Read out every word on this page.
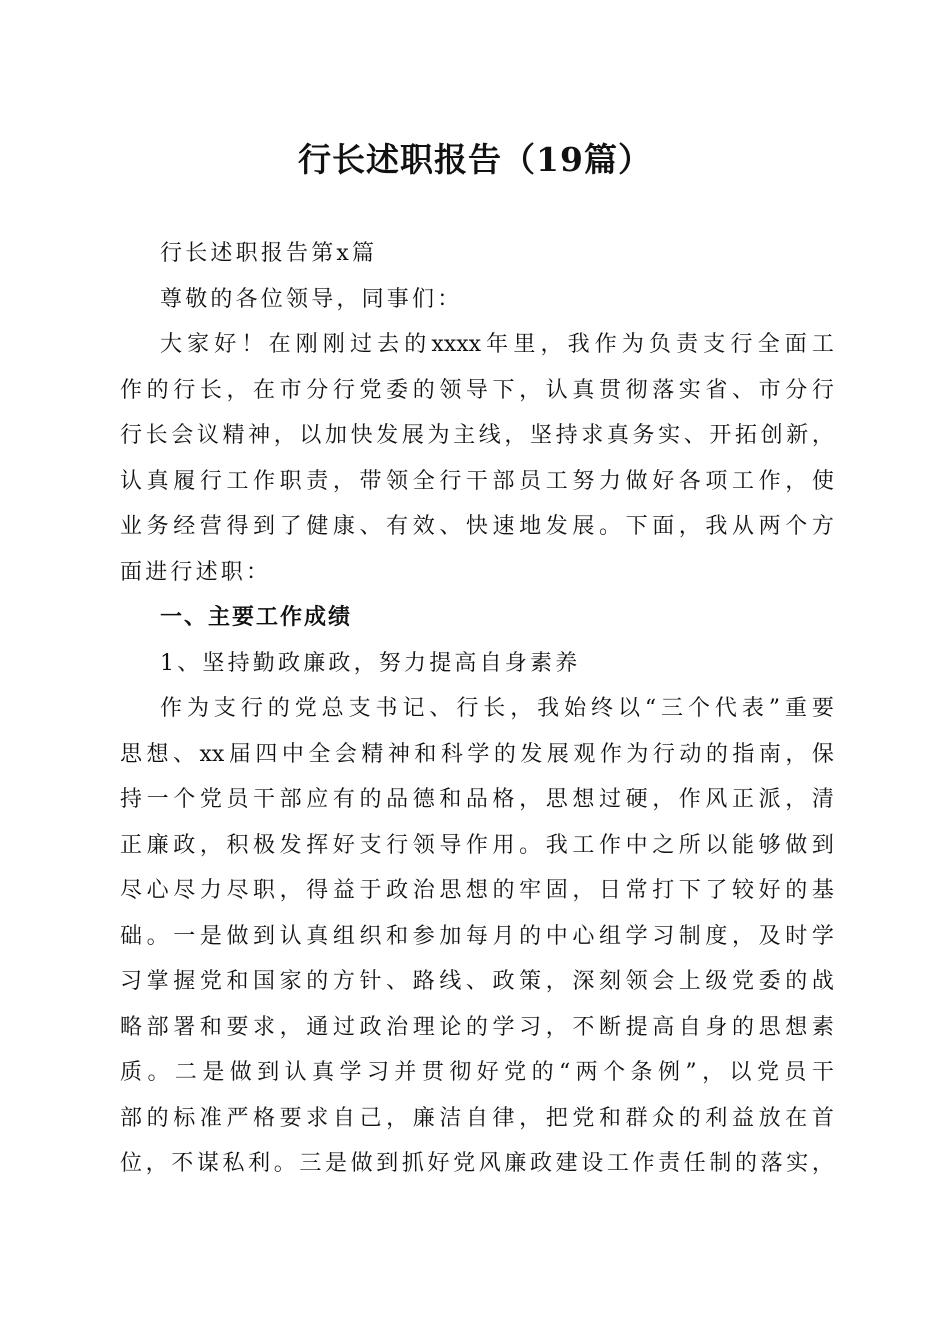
行长述职报告（19篇）
行长述职报告第x篇
尊敬的各位领导，同事们：
大 家 好 ！ 在 刚 刚 过 去 的 xxxx 年 里 ， 我 作 为 负 责 支 行 全 面 工
作 的 行 长 ， 在 市 分 行 党 委 的 领 导 下 ， 认 真 贯 彻 落 实 省 、 市 分 行
行 长 会 议 精 神 ， 以 加 快 发 展 为 主 线 ， 坚 持 求 真 务 实 、 开 拓 创 新 ，
认 真 履 行 工 作 职 责 ， 带 领 全 行 干 部 员 工 努 力 做 好 各 项 工 作 ， 使
业 务 经 营 得 到 了 健 康 、 有 效 、 快 速 地 发 展 。 下 面 ， 我 从 两 个 方
面进行述职：
一、主要工作成绩
1、坚持勤政廉政，努力提高自身素养
作 为 支 行 的 党 总 支 书 记 、 行 长 ， 我 始 终 以 “ 三 个 代 表 ” 重 要
思 想 、 xx 届 四 中 全 会 精 神 和 科 学 的 发 展 观 作 为 行 动 的 指 南 ， 保
持 一 个 党 员 干 部 应 有 的 品 德 和 品 格 ， 思 想 过 硬 ， 作 风 正 派 ， 清
正 廉 政 ， 积 极 发 挥 好 支 行 领 导 作 用 。 我 工 作 中 之 所 以 能 够 做 到
尽 心 尽 力 尽 职 ， 得 益 于 政 治 思 想 的 牢 固 ， 日 常 打 下 了 较 好 的 基
础 。 一 是 做 到 认 真 组 织 和 参 加 每 月 的 中 心 组 学 习 制 度 ， 及 时 学
习 掌 握 党 和 国 家 的 方 针 、 路 线 、 政 策 ， 深 刻 领 会 上 级 党 委 的 战
略 部 署 和 要 求 ， 通 过 政 治 理 论 的 学 习 ， 不 断 提 高 自 身 的 思 想 素
质 。 二 是 做 到 认 真 学 习 并 贯 彻 好 党 的 “ 两 个 条 例 ” ， 以 党 员 干
部 的 标 准 严 格 要 求 自 己 ， 廉 洁 自 律 ， 把 党 和 群 众 的 利 益 放 在 首
位 ， 不 谋 私 利 。 三 是 做 到 抓 好 党 风 廉 政 建 设 工 作 责 任 制 的 落 实 ，
